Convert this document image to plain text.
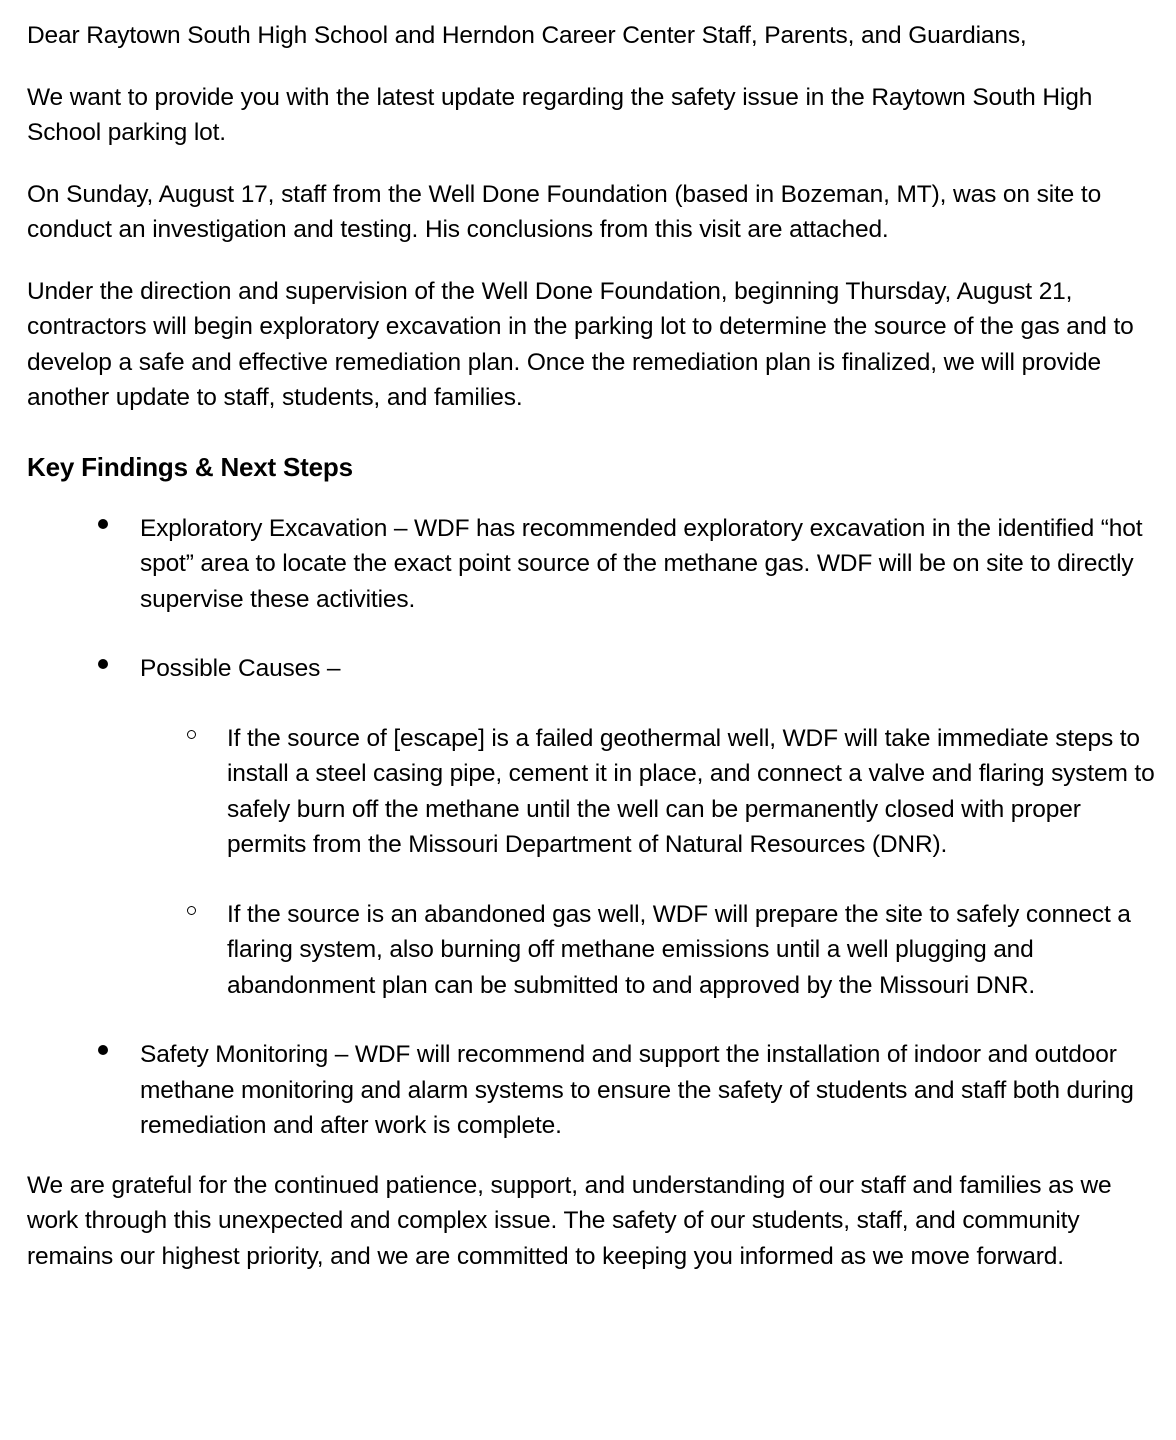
Dear Raytown South High School and Herndon Career Center Staff, Parents, and Guardians,

We want to provide you with the latest update regarding the safety issue in the Raytown South High School parking lot.

On Sunday, August 17, staff from the Well Done Foundation (based in Bozeman, MT), was on site to conduct an investigation and testing. His conclusions from this visit are attached.

Under the direction and supervision of the Well Done Foundation, beginning Thursday, August 21, contractors will begin exploratory excavation in the parking lot to determine the source of the gas and to develop a safe and effective remediation plan. Once the remediation plan is finalized, we will provide another update to staff, students, and families.

Key Findings & Next Steps
Exploratory Excavation – WDF has recommended exploratory excavation in the identified “hot spot” area to locate the exact point source of the methane gas. WDF will be on site to directly supervise these activities.
Possible Causes –
If the source of [escape] is a failed geothermal well, WDF will take immediate steps to install a steel casing pipe, cement it in place, and connect a valve and flaring system to safely burn off the methane until the well can be permanently closed with proper permits from the Missouri Department of Natural Resources (DNR).
If the source is an abandoned gas well, WDF will prepare the site to safely connect a flaring system, also burning off methane emissions until a well plugging and abandonment plan can be submitted to and approved by the Missouri DNR.
Safety Monitoring – WDF will recommend and support the installation of indoor and outdoor methane monitoring and alarm systems to ensure the safety of students and staff both during remediation and after work is complete.

We are grateful for the continued patience, support, and understanding of our staff and families as we work through this unexpected and complex issue. The safety of our students, staff, and community remains our highest priority, and we are committed to keeping you informed as we move forward.
